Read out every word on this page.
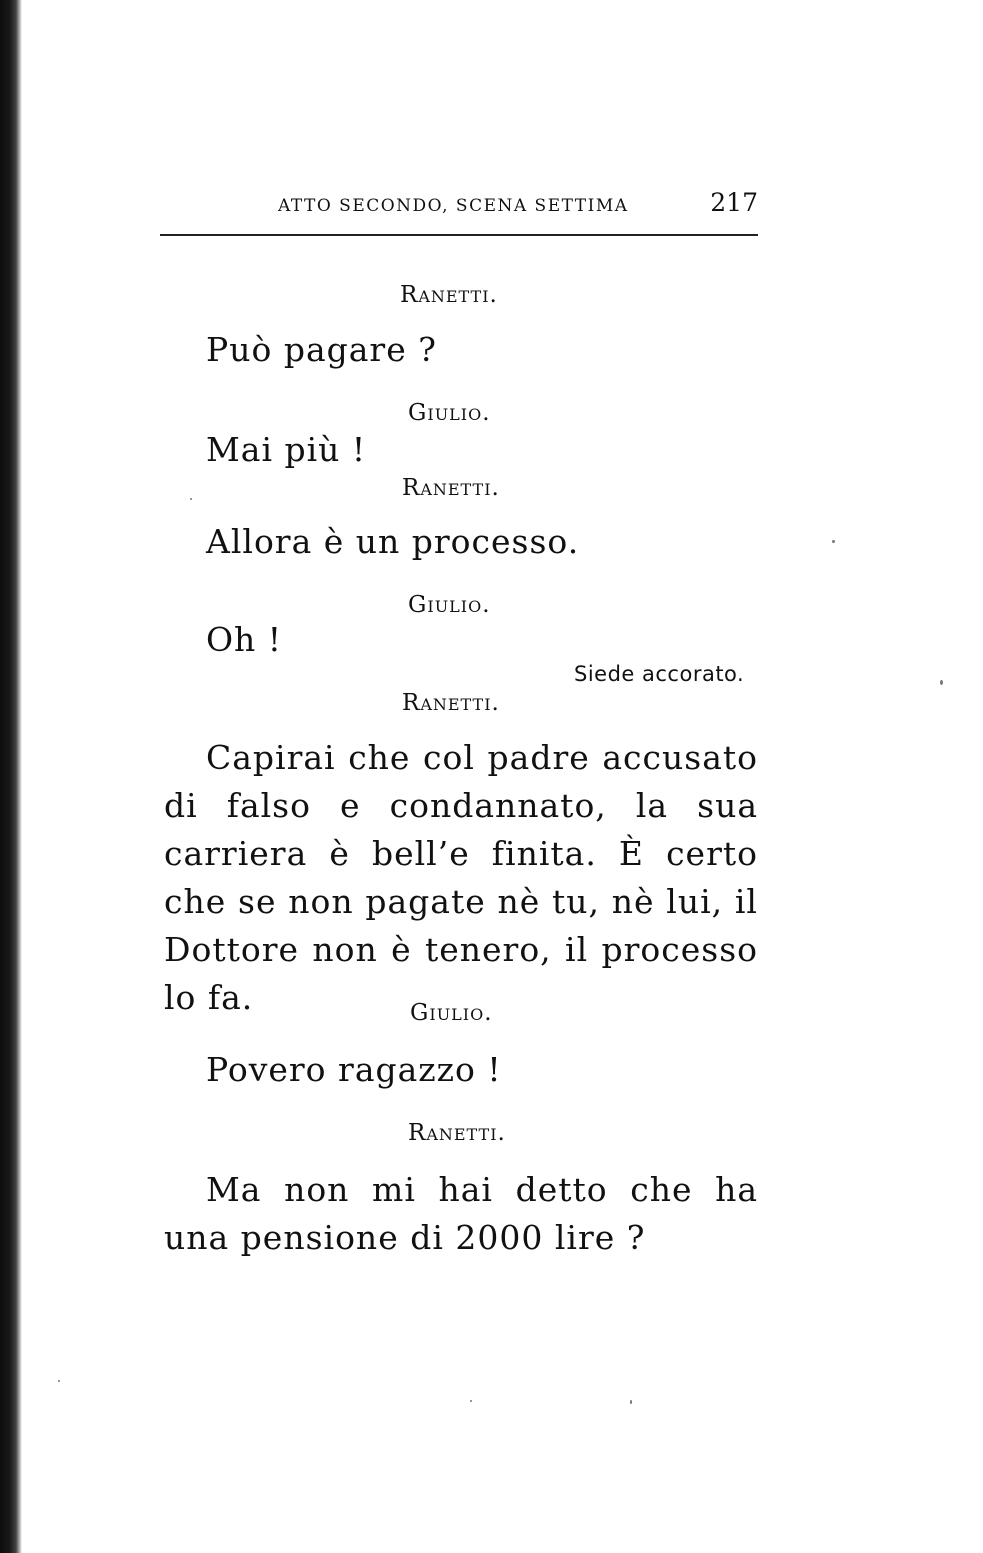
ATTO SECONDO, SCENA SETTIMA	217
Ranetti.
Può pagare ?
Giulio.
Mai più !
Ranetti.
Allora è un processo.
Giulio.
Oh !
Siede accorato.
Ranetti.
Capirai che col padre accusato di falso e condannato, la sua carriera è bell’e finita. È certo che se non pagate nè tu, nè lui, il Dottore non è tenero, il processo lo fa.	Giulio.
Povero ragazzo !
Ranetti.
Ma non mi hai detto che ha una pensione di 2000 lire ?
